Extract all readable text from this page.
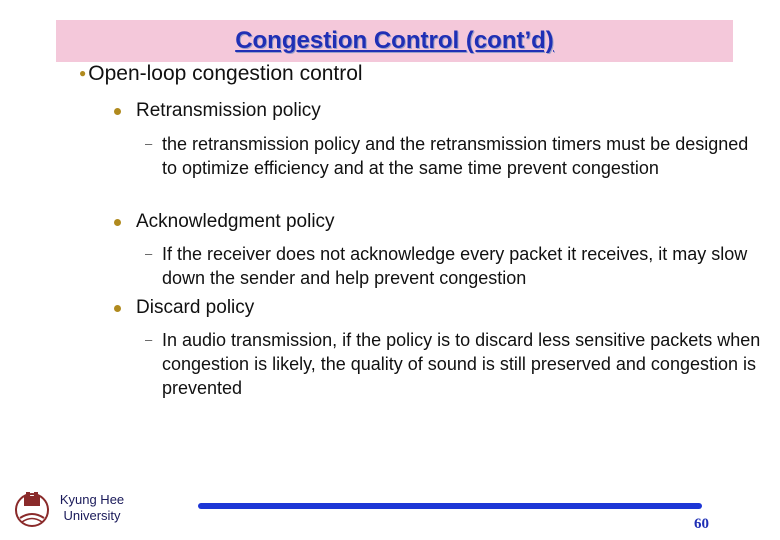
Congestion Control (cont’d)
●Open-loop congestion control
Retransmission policy
– the retransmission policy and the retransmission timers must be designed to optimize efficiency and at the same time prevent congestion
Acknowledgment policy
– If the receiver does not acknowledge every packet it receives, it may slow down the sender and help prevent congestion
Discard policy
– In audio transmission, if the policy is to discard less sensitive packets when congestion is likely, the quality of sound is still preserved and congestion is prevented
Kyung Hee
University
60
